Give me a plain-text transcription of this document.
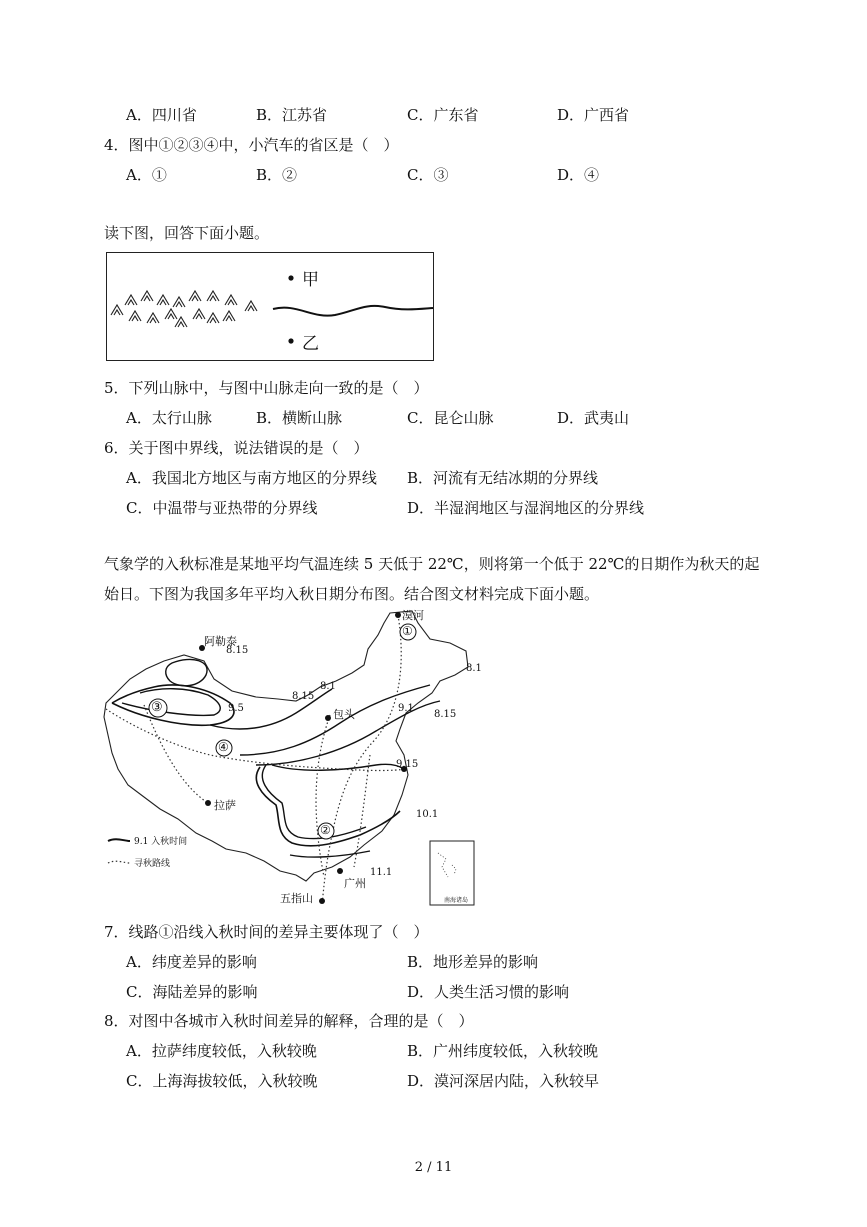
A．四川省	B．江苏省	C．广东省	D．广西省
4．图中①②③④中，小汽车的省区是（　）
A．①	B．②	C．③	D．④
读下图，回答下面小题。
甲
乙
5．下列山脉中，与图中山脉走向一致的是（　）
A．太行山脉	B．横断山脉	C．昆仑山脉	D．武夷山
6．关于图中界线，说法错误的是（　）
A．我国北方地区与南方地区的分界线 B．河流有无结冰期的分界线
C．中温带与亚热带的分界线	D．半湿润地区与湿润地区的分界线
气象学的入秋标准是某地平均气温连续 5 天低于 22℃，则将第一个低于 22℃的日期作为秋天的起
始日。下图为我国多年平均入秋日期分布图。结合图文材料完成下面小题。
漠河
阿勒泰
包头
拉萨
广州
五指山
8.15
8.1
8.15
9.5
8.1
9.1
8.15
9.15
10.1
11.1
①
②
③
④
9.1 入秋时间
寻秋路线
南海诸岛
7．线路①沿线入秋时间的差异主要体现了（　）
A．纬度差异的影响	B．地形差异的影响
C．海陆差异的影响	D．人类生活习惯的影响
8．对图中各城市入秋时间差异的解释，合理的是（　）
A．拉萨纬度较低，入秋较晚	B．广州纬度较低，入秋较晚
C．上海海拔较低，入秋较晚	D．漠河深居内陆，入秋较早
2 / 11
